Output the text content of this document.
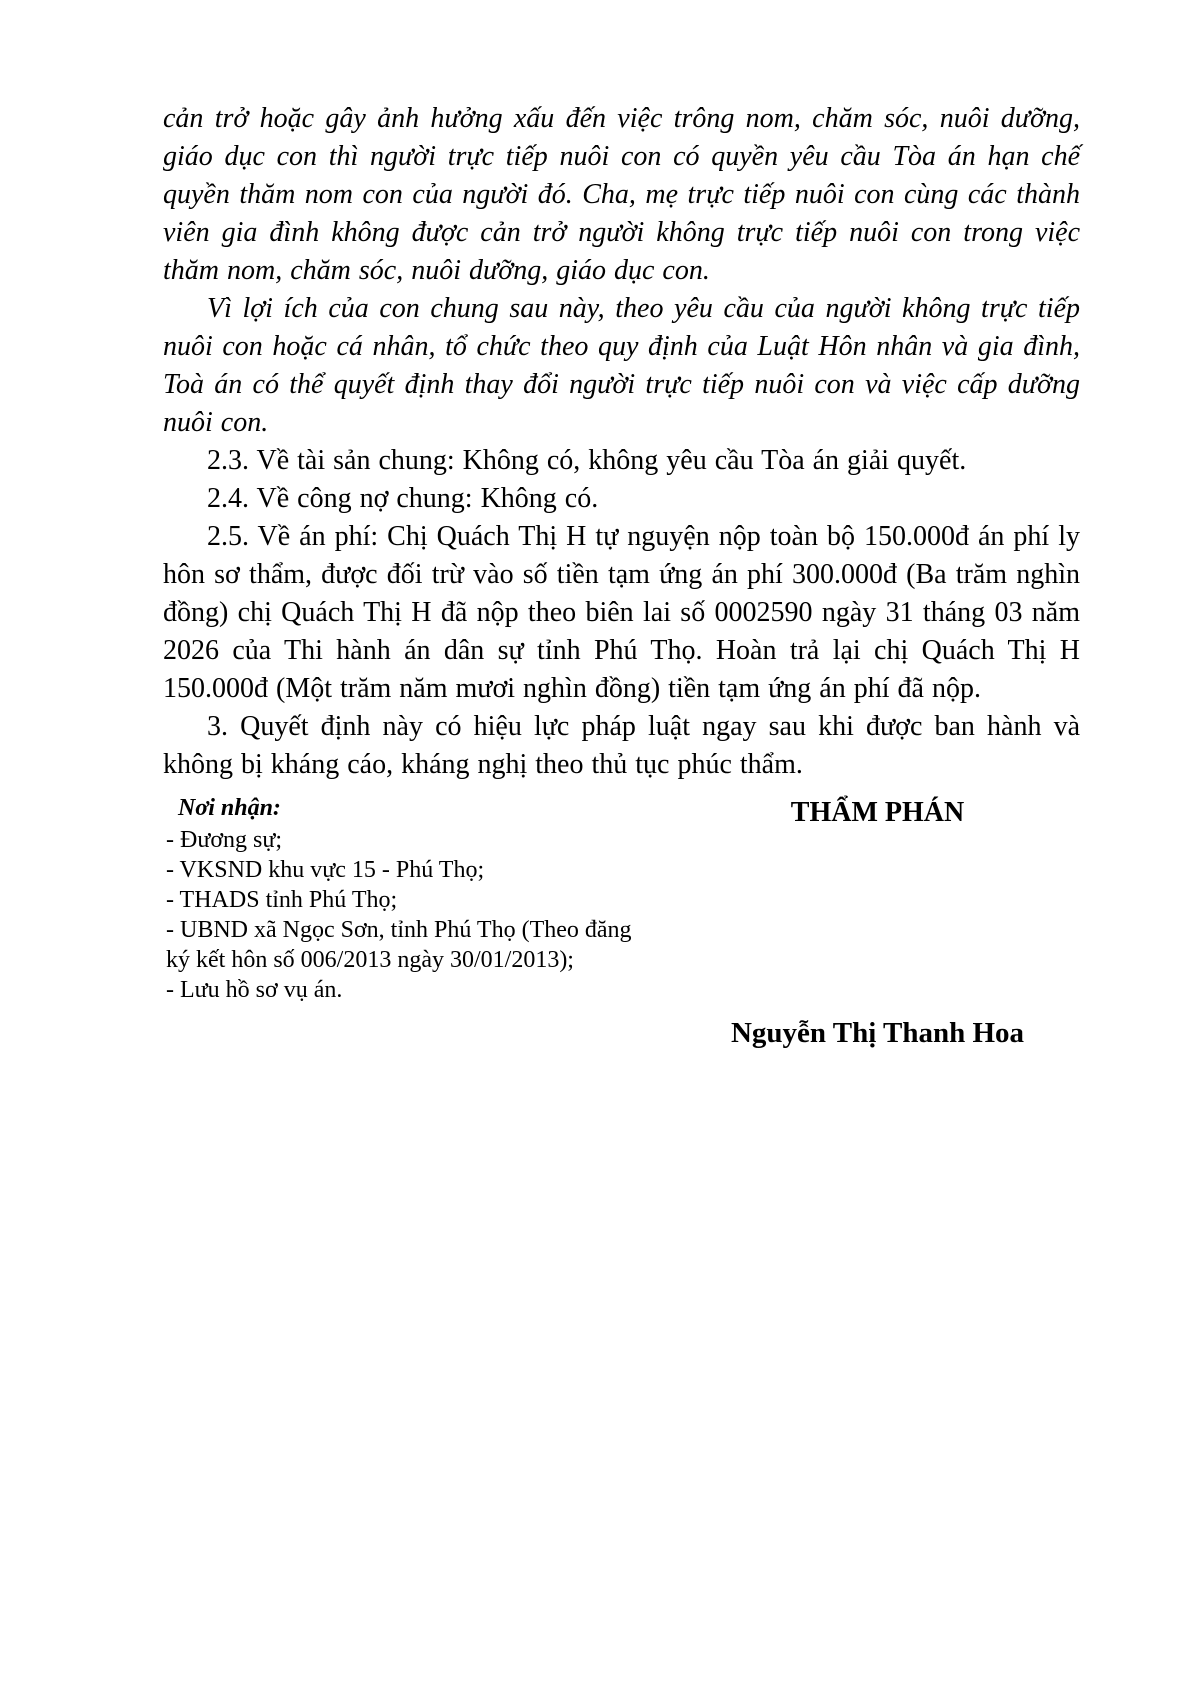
cản trở hoặc gây ảnh hưởng xấu đến việc trông nom, chăm sóc, nuôi dưỡng, giáo dục con thì người trực tiếp nuôi con có quyền yêu cầu Tòa án hạn chế quyền thăm nom con của người đó. Cha, mẹ trực tiếp nuôi con cùng các thành viên gia đình không được cản trở người không trực tiếp nuôi con trong việc thăm nom, chăm sóc, nuôi dưỡng, giáo dục con.

Vì lợi ích của con chung sau này, theo yêu cầu của người không trực tiếp nuôi con hoặc cá nhân, tổ chức theo quy định của Luật Hôn nhân và gia đình, Toà án có thể quyết định thay đổi người trực tiếp nuôi con và việc cấp dưỡng nuôi con.

2.3. Về tài sản chung: Không có, không yêu cầu Tòa án giải quyết.

2.4. Về công nợ chung: Không có.

2.5. Về án phí: Chị Quách Thị H tự nguyện nộp toàn bộ 150.000đ án phí ly hôn sơ thẩm, được đối trừ vào số tiền tạm ứng án phí 300.000đ (Ba trăm nghìn đồng) chị Quách Thị H đã nộp theo biên lai số 0002590 ngày 31 tháng 03 năm 2026 của Thi hành án dân sự tỉnh Phú Thọ. Hoàn trả lại chị Quách Thị H 150.000đ (Một trăm năm mươi nghìn đồng) tiền tạm ứng án phí đã nộp.

3. Quyết định này có hiệu lực pháp luật ngay sau khi được ban hành và không bị kháng cáo, kháng nghị theo thủ tục phúc thẩm.

Nơi nhận:

- Đương sự;
- VKSND khu vực 15 - Phú Thọ;
- THADS tỉnh Phú Thọ;
- UBND xã Ngọc Sơn, tỉnh Phú Thọ (Theo đăng ký kết hôn số 006/2013 ngày 30/01/2013);
- Lưu hồ sơ vụ án.

THẨM PHÁN

Nguyễn Thị Thanh Hoa
